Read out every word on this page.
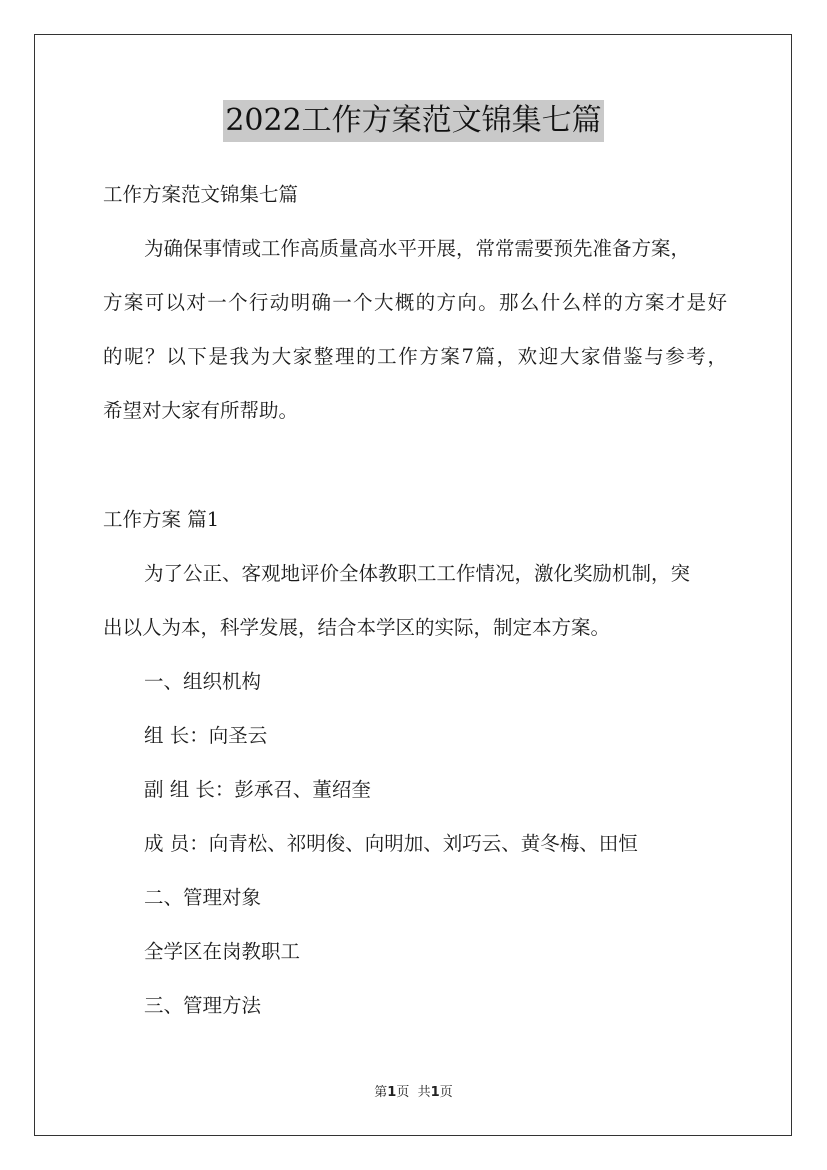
2022工作方案范文锦集七篇
工作方案范文锦集七篇
为确保事情或工作高质量高水平开展，常常需要预先准备方案，
方案可以对一个行动明确一个大概的方向。那么什么样的方案才是好
的呢？以下是我为大家整理的工作方案7篇，欢迎大家借鉴与参考，
希望对大家有所帮助。
工作方案 篇1
为了公正、客观地评价全体教职工工作情况，激化奖励机制，突
出以人为本，科学发展，结合本学区的实际，制定本方案。
一、组织机构
组 长：向圣云
副 组 长：彭承召、董绍奎
成 员：向青松、祁明俊、向明加、刘巧云、黄冬梅、田恒
二、管理对象
全学区在岗教职工
三、管理方法
第1页 共1页
